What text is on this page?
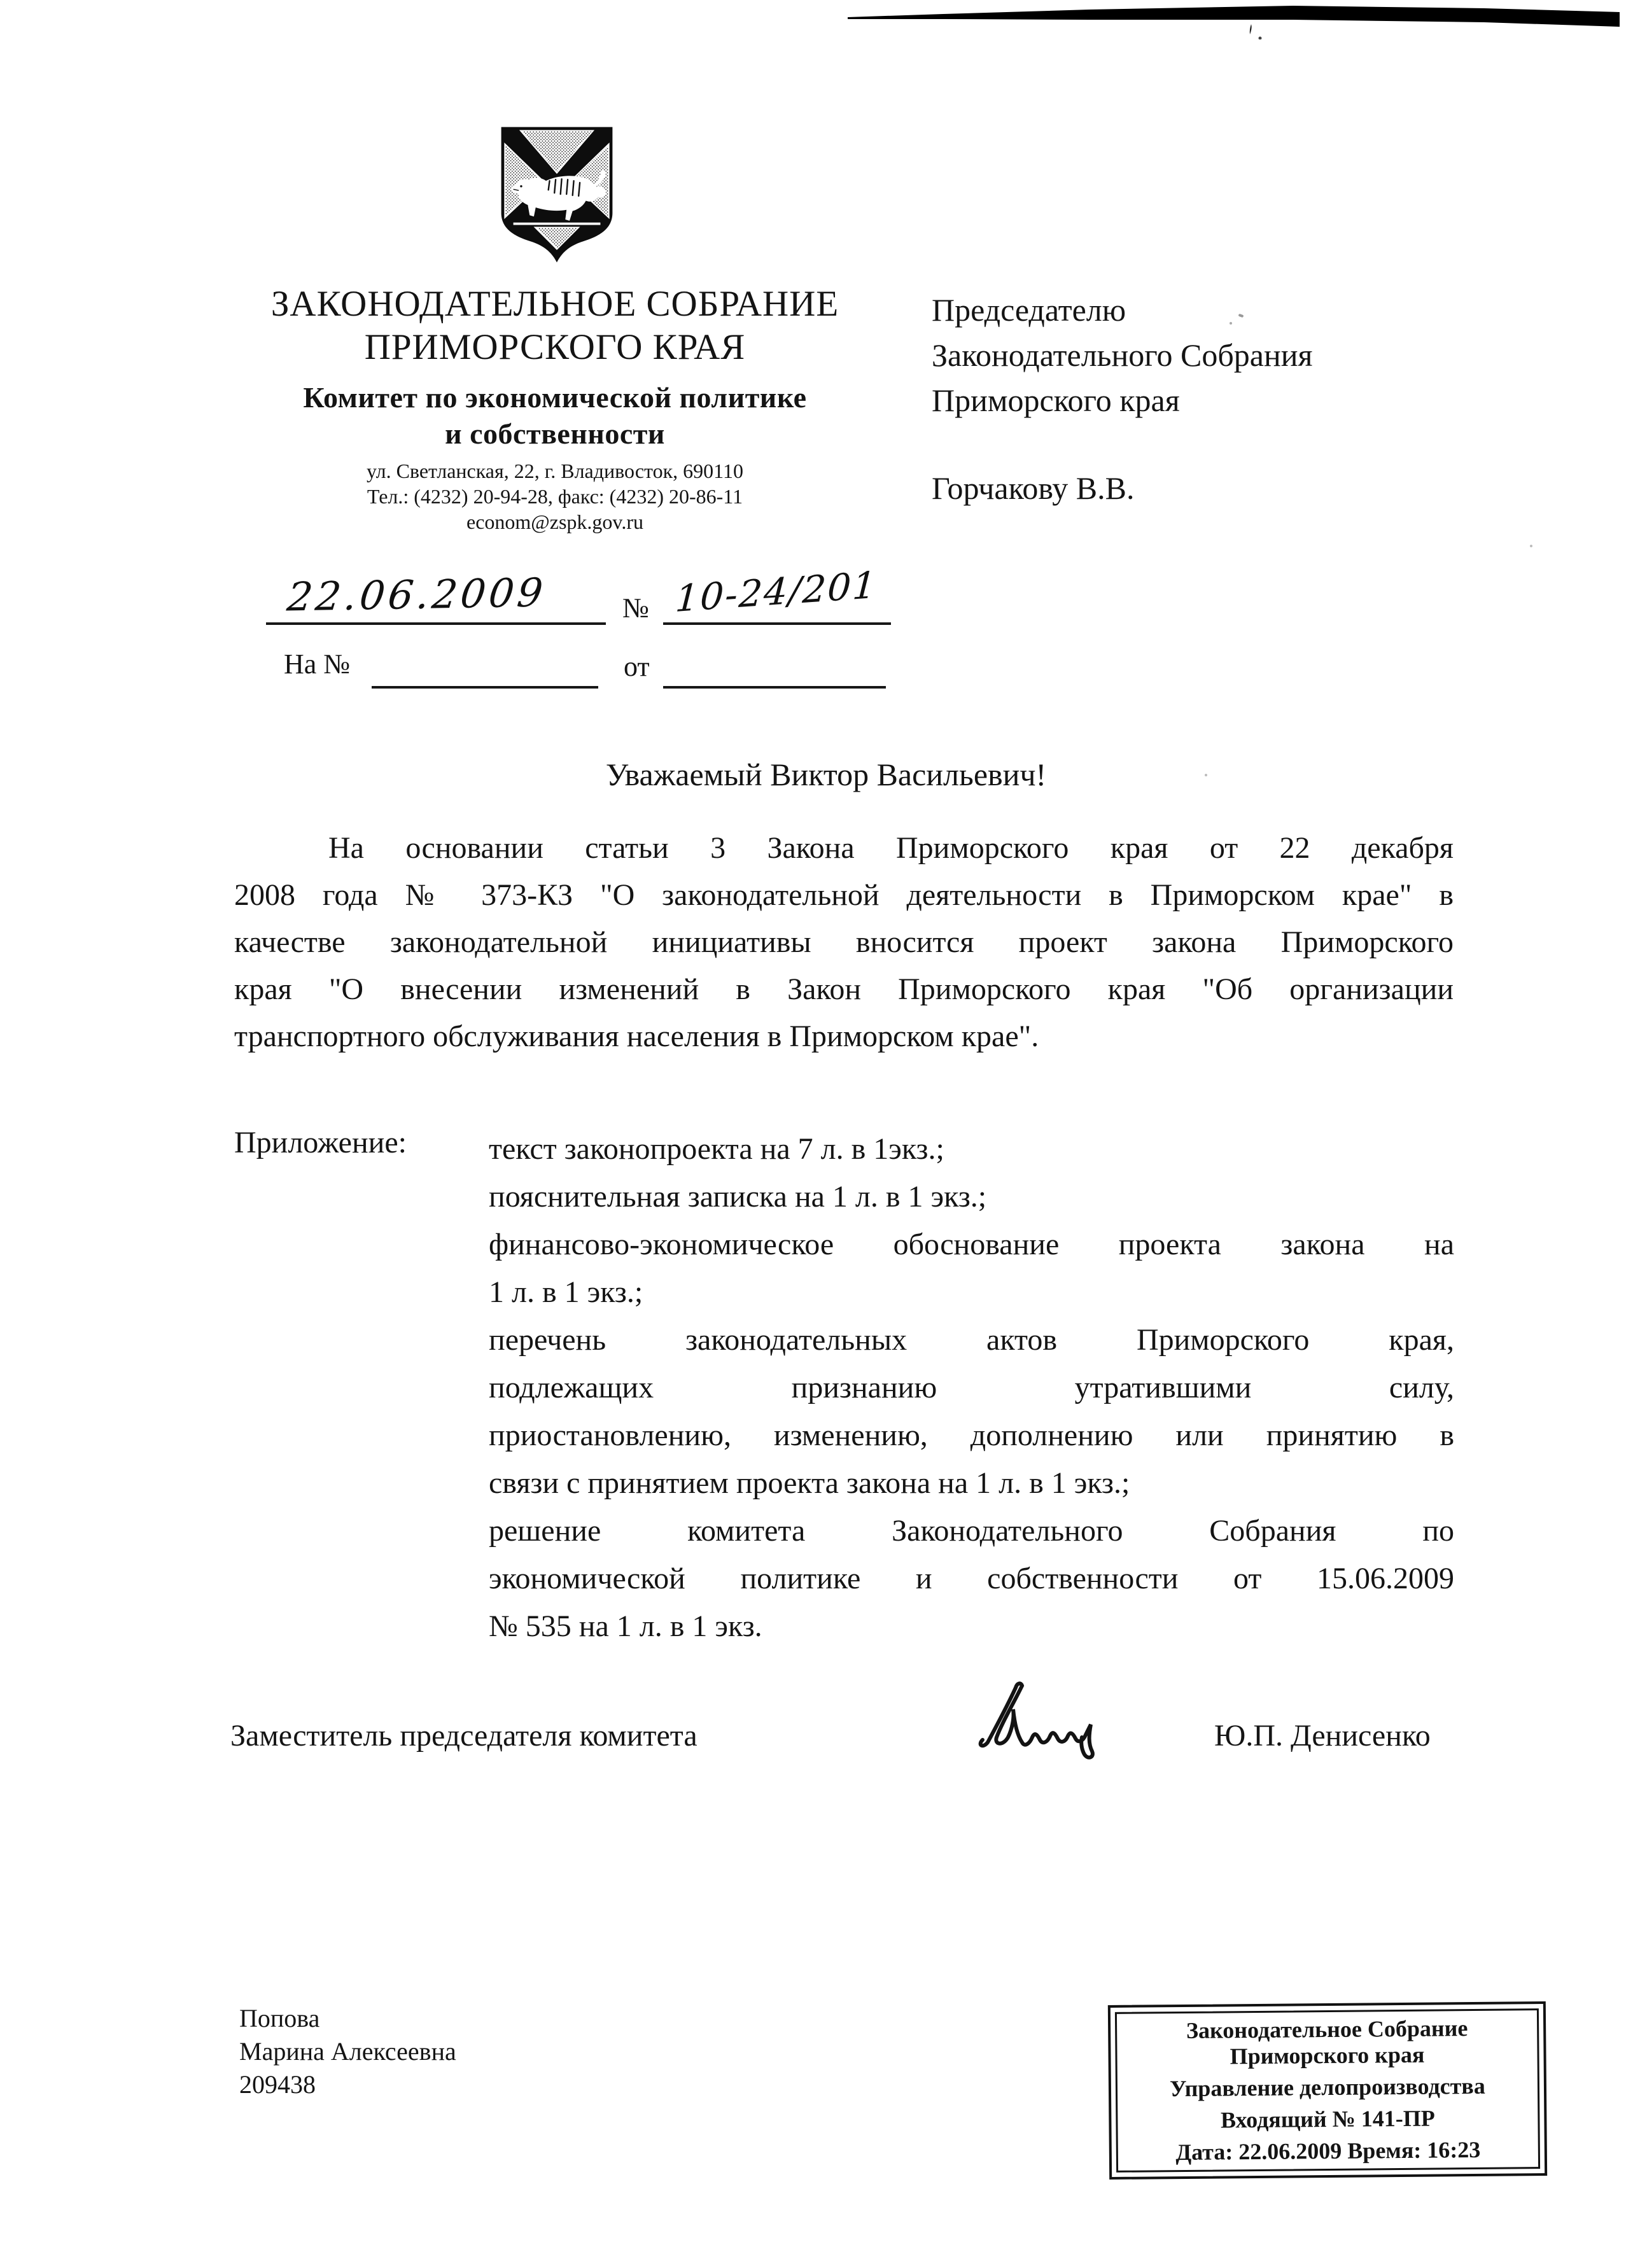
ЗАКОНОДАТЕЛЬНОЕ СОБРАНИЕ
ПРИМОРСКОГО КРАЯ
Комитет по экономической политике
и собственности
ул. Светланская, 22, г. Владивосток, 690110
Тел.: (4232) 20-94-28, факс: (4232) 20-86-11
econom@zspk.gov.ru
Председателю
Законодательного Собрания
Приморского края
Горчакову В.В.
22.06.2009	№ 10-24/201
На №	от
Уважаемый Виктор Васильевич!
На основании статьи 3 Закона Приморского края от 22 декабря
2008 года № 373-КЗ "О законодательной деятельности в Приморском крае" в
качестве законодательной инициативы вносится проект закона Приморского
края "О внесении изменений в Закон Приморского края "Об организации
транспортного обслуживания населения в Приморском крае".
Приложение:	текст законопроекта на 7 л. в 1экз.;
пояснительная записка на 1 л. в 1 экз.;
финансово-экономическое обоснование проекта закона на
1 л. в 1 экз.;
перечень законодательных актов Приморского края,
подлежащих признанию утратившими силу,
приостановлению, изменению, дополнению или принятию в
связи с принятием проекта закона на 1 л. в 1 экз.;
решение комитета Законодательного Собрания по
экономической политике и собственности от 15.06.2009
№ 535 на 1 л. в 1 экз.
Заместитель председателя комитета	Ю.П. Денисенко
Попова
Марина Алексеевна
209438
Законодательное Собрание
Приморского края
Управление делопроизводства
Входящий № 141-ПР
Дата: 22.06.2009 Время: 16:23
